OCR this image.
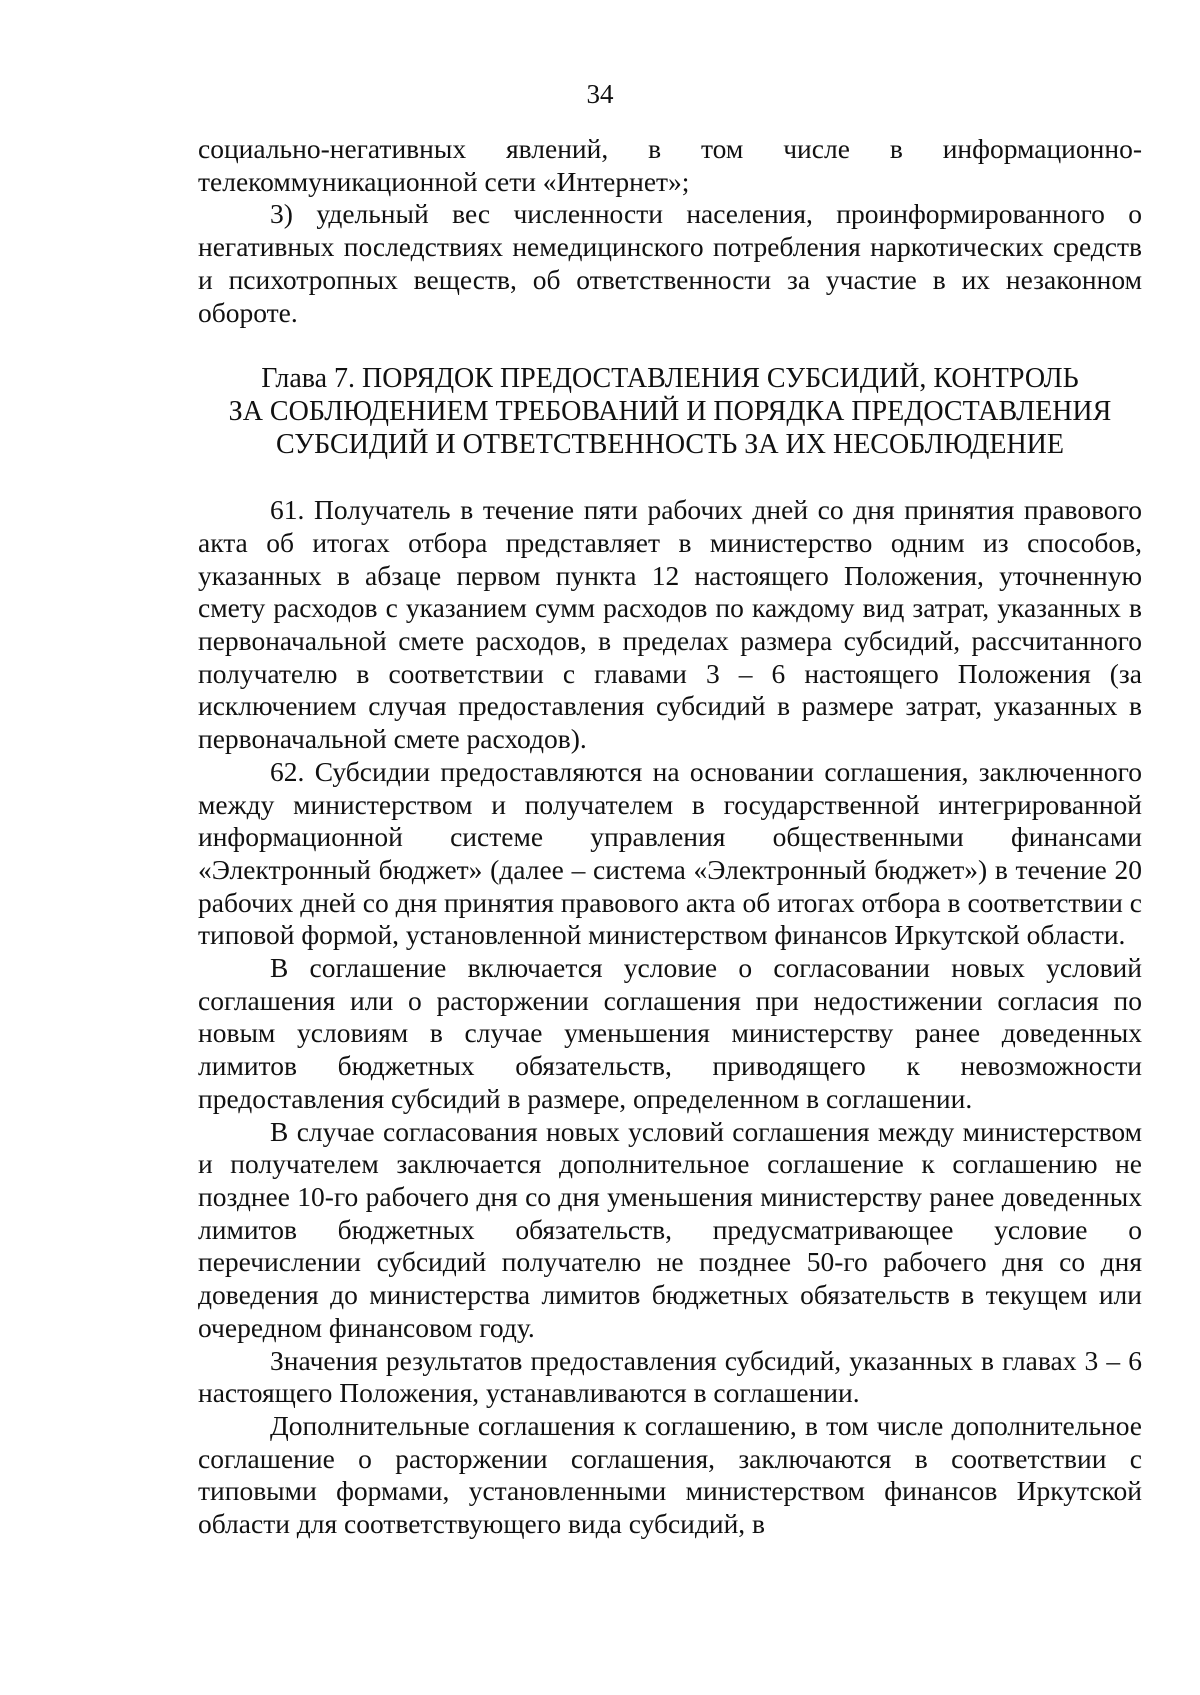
34

социально-негативных явлений, в том числе в информационно-телекоммуникационной сети «Интернет»;

3) удельный вес численности населения, проинформированного о негативных последствиях немедицинского потребления наркотических средств и психотропных веществ, об ответственности за участие в их незаконном обороте.

Глава 7. ПОРЯДОК ПРЕДОСТАВЛЕНИЯ СУБСИДИЙ, КОНТРОЛЬ
ЗА СОБЛЮДЕНИЕМ ТРЕБОВАНИЙ И ПОРЯДКА ПРЕДОСТАВЛЕНИЯ
СУБСИДИЙ И ОТВЕТСТВЕННОСТЬ ЗА ИХ НЕСОБЛЮДЕНИЕ

61. Получатель в течение пяти рабочих дней со дня принятия правового акта об итогах отбора представляет в министерство одним из способов, указанных в абзаце первом пункта 12 настоящего Положения, уточненную смету расходов с указанием сумм расходов по каждому вид затрат, указанных в первоначальной смете расходов, в пределах размера субсидий, рассчитанного получателю в соответствии с главами 3 – 6 настоящего Положения (за исключением случая предоставления субсидий в размере затрат, указанных в первоначальной смете расходов).

62. Субсидии предоставляются на основании соглашения, заключенного между министерством и получателем в государственной интегрированной информационной системе управления общественными финансами «Электронный бюджет» (далее – система «Электронный бюджет») в течение 20 рабочих дней со дня принятия правового акта об итогах отбора в соответствии с типовой формой, установленной министерством финансов Иркутской области.

В соглашение включается условие о согласовании новых условий соглашения или о расторжении соглашения при недостижении согласия по новым условиям в случае уменьшения министерству ранее доведенных лимитов бюджетных обязательств, приводящего к невозможности предоставления субсидий в размере, определенном в соглашении.

В случае согласования новых условий соглашения между министерством и получателем заключается дополнительное соглашение к соглашению не позднее 10-го рабочего дня со дня уменьшения министерству ранее доведенных лимитов бюджетных обязательств, предусматривающее условие о перечислении субсидий получателю не позднее 50-го рабочего дня со дня доведения до министерства лимитов бюджетных обязательств в текущем или очередном финансовом году.

Значения результатов предоставления субсидий, указанных в главах 3 – 6 настоящего Положения, устанавливаются в соглашении.

Дополнительные соглашения к соглашению, в том числе дополнительное соглашение о расторжении соглашения, заключаются в соответствии с типовыми формами, установленными министерством финансов Иркутской области для соответствующего вида субсидий, в
